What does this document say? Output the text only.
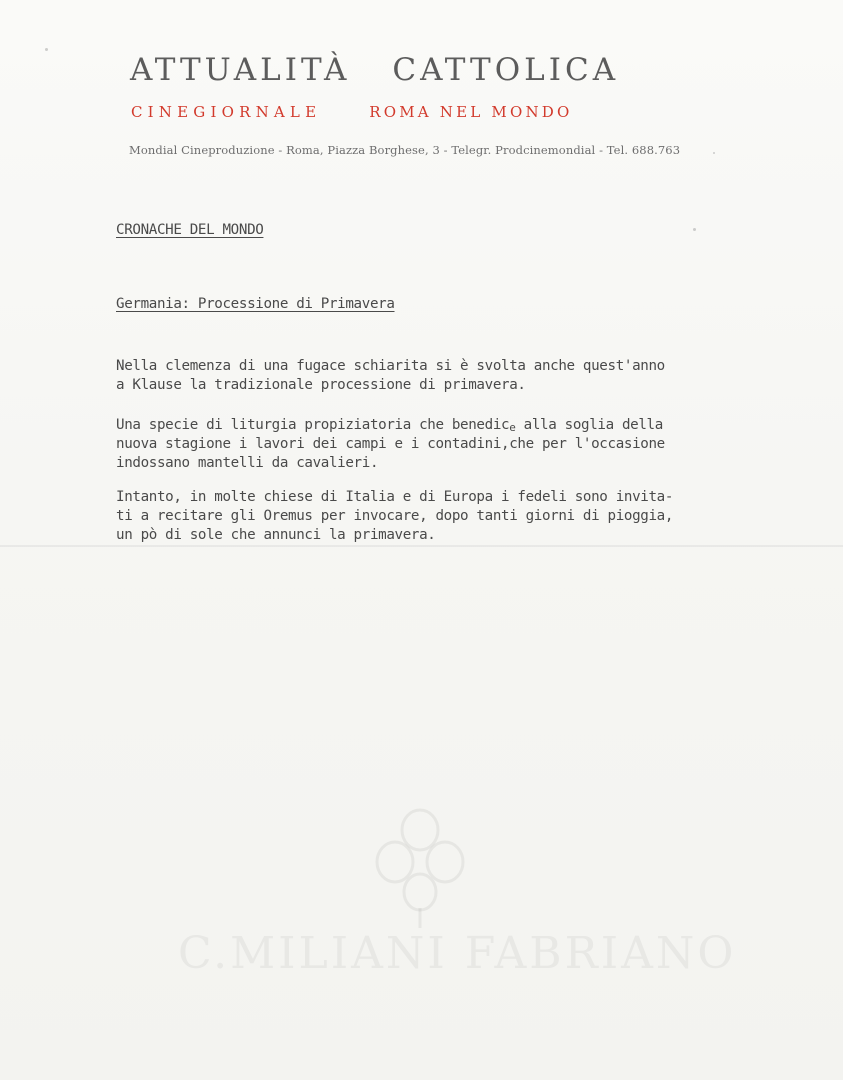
ATTUALITÀ CATTOLICA
CINEGIORNALE	ROMA NEL MONDO
Mondial Cineproduzione - Roma, Piazza Borghese, 3 - Telegr. Prodcinemondial - Tel. 688.763
CRONACHE DEL MONDO
Germania: Processione di Primavera
Nella clemenza di una fugace schiarita si è svolta anche quest'anno
a Klause la tradizionale processione di primavera.
Una specie di liturgia propiziatoria che benedice alla soglia della
nuova stagione i lavori dei campi e i contadini,che per l'occasione
indossano mantelli da cavalieri.
Intanto, in molte chiese di Italia e di Europa i fedeli sono invita-
ti a recitare gli Oremus per invocare, dopo tanti giorni di pioggia,
un pò di sole che annunci la primavera.
C.MILIANI FABRIANO
